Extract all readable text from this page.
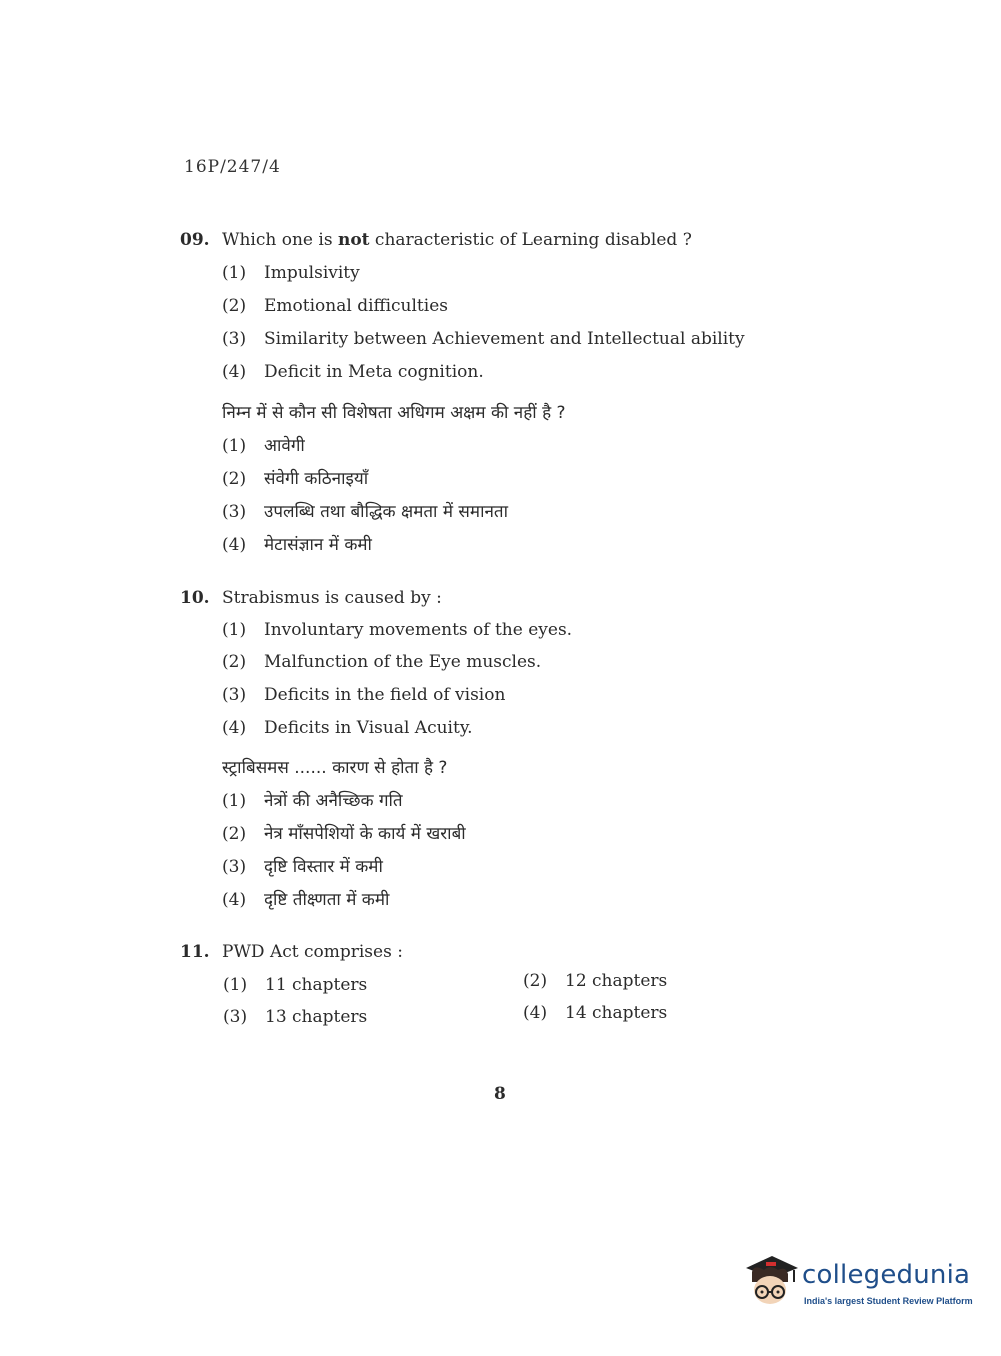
16P/247/4
09. Which one is not characteristic of Learning disabled ?
(1) Impulsivity
(2) Emotional difficulties
(3) Similarity between Achievement and Intellectual ability
(4) Deficit in Meta cognition.
निम्न में से कौन सी विशेषता अधिगम अक्षम की नहीं है ?
(1) आवेगी
(2) संवेगी कठिनाइयाँ
(3) उपलब्धि तथा बौद्धिक क्षमता में समानता
(4) मेटासंज्ञान में कमी
10. Strabismus is caused by :
(1) Involuntary movements of the eyes.
(2) Malfunction of the Eye muscles.
(3) Deficits in the field of vision
(4) Deficits in Visual Acuity.
स्ट्राबिसमस ...... कारण से होता है ?
(1) नेत्रों की अनैच्छिक गति
(2) नेत्र माँसपेशियों के कार्य में खराबी
(3) दृष्टि विस्तार में कमी
(4) दृष्टि तीक्ष्णता में कमी
11. PWD Act comprises :
(1) 11 chapters	(2) 12 chapters
(3) 13 chapters	(4) 14 chapters
8
collegedunia
India's largest Student Review Platform
